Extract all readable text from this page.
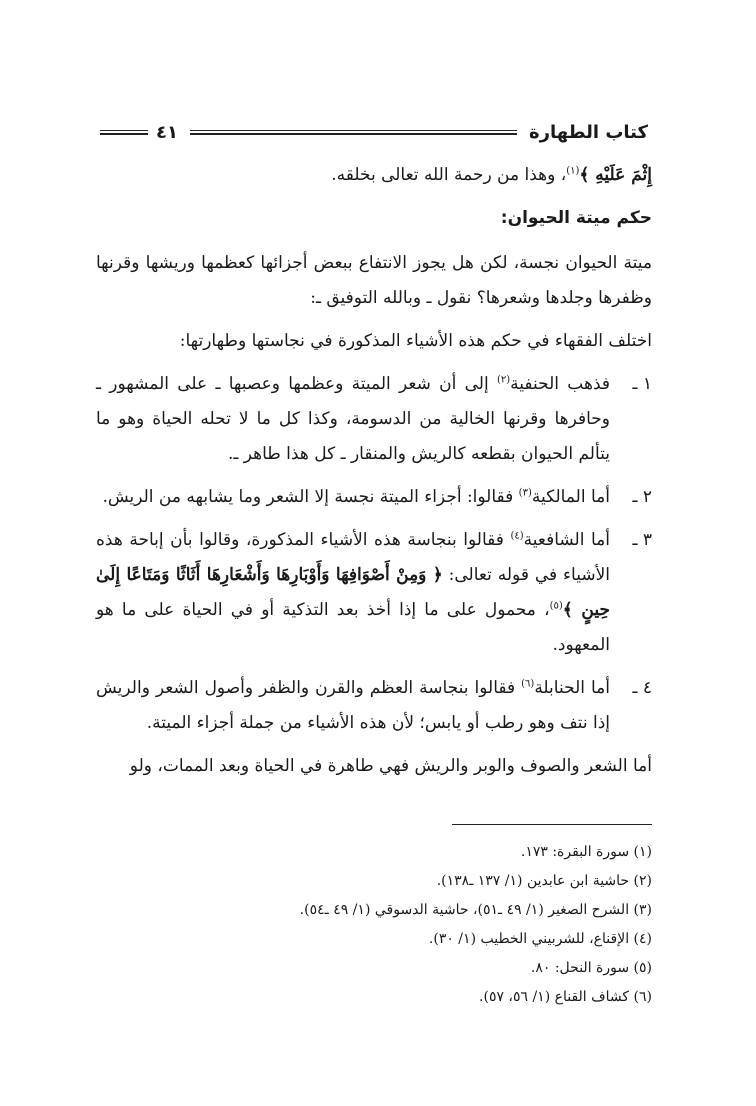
كتاب الطهارة
٤١

إِثْمَ عَلَيْهِ ﴾$^{(١)}$، وهذا من رحمة الله تعالى بخلقه.

حكم ميتة الحيوان:

ميتة الحيوان نجسة، لكن هل يجوز الانتفاع ببعض أجزائها كعظمها وريشها وقرنها وظفرها وجلدها وشعرها؟ نقول ـ وبالله التوفيق ـ:

اختلف الفقهاء في حكم هذه الأشياء المذكورة في نجاستها وطهارتها:

١ ـ
فذهب الحنفية$^{(٢)}$ إلى أن شعر الميتة وعظمها وعصبها ـ على المشهور ـ وحافرها وقرنها الخالية من الدسومة، وكذا كل ما لا تحله الحياة وهو ما يتألم الحيوان بقطعه كالريش والمنقار ـ كل هذا طاهر ـ.
٢ ـ
أما المالكية$^{(٣)}$ فقالوا: أجزاء الميتة نجسة إلا الشعر وما يشابهه من الريش.
٣ ـ
أما الشافعية$^{(٤)}$ فقالوا بنجاسة هذه الأشياء المذكورة، وقالوا بأن إباحة هذه الأشياء في قوله تعالى: ﴿ وَمِنْ أَصْوَافِهَا وَأَوْبَارِهَا وَأَشْعَارِهَا أَثَاثًا وَمَتَاعًا إِلَىٰ حِينٍ ﴾$^{(٥)}$، محمول على ما إذا أخذ بعد التذكية أو في الحياة على ما هو المعهود.
٤ ـ
أما الحنابلة$^{(٦)}$ فقالوا بنجاسة العظم والقرن والظفر وأصول الشعر والريش إذا نتف وهو رطب أو يابس؛ لأن هذه الأشياء من جملة أجزاء الميتة.

أما الشعر والصوف والوبر والريش فهي طاهرة في الحياة وبعد الممات، ولو

(١) سورة البقرة: ١٧٣.

(٢) حاشية ابن عابدين (١/ ١٣٧ ـ١٣٨).

(٣) الشرح الصغير (١/ ٤٩ ـ٥١)، حاشية الدسوقي (١/ ٤٩ ـ٥٤).

(٤) الإقناع، للشربيني الخطيب (١/ ٣٠).

(٥) سورة النحل: ٨٠.

(٦) كشاف القناع (١/ ٥٦، ٥٧).
